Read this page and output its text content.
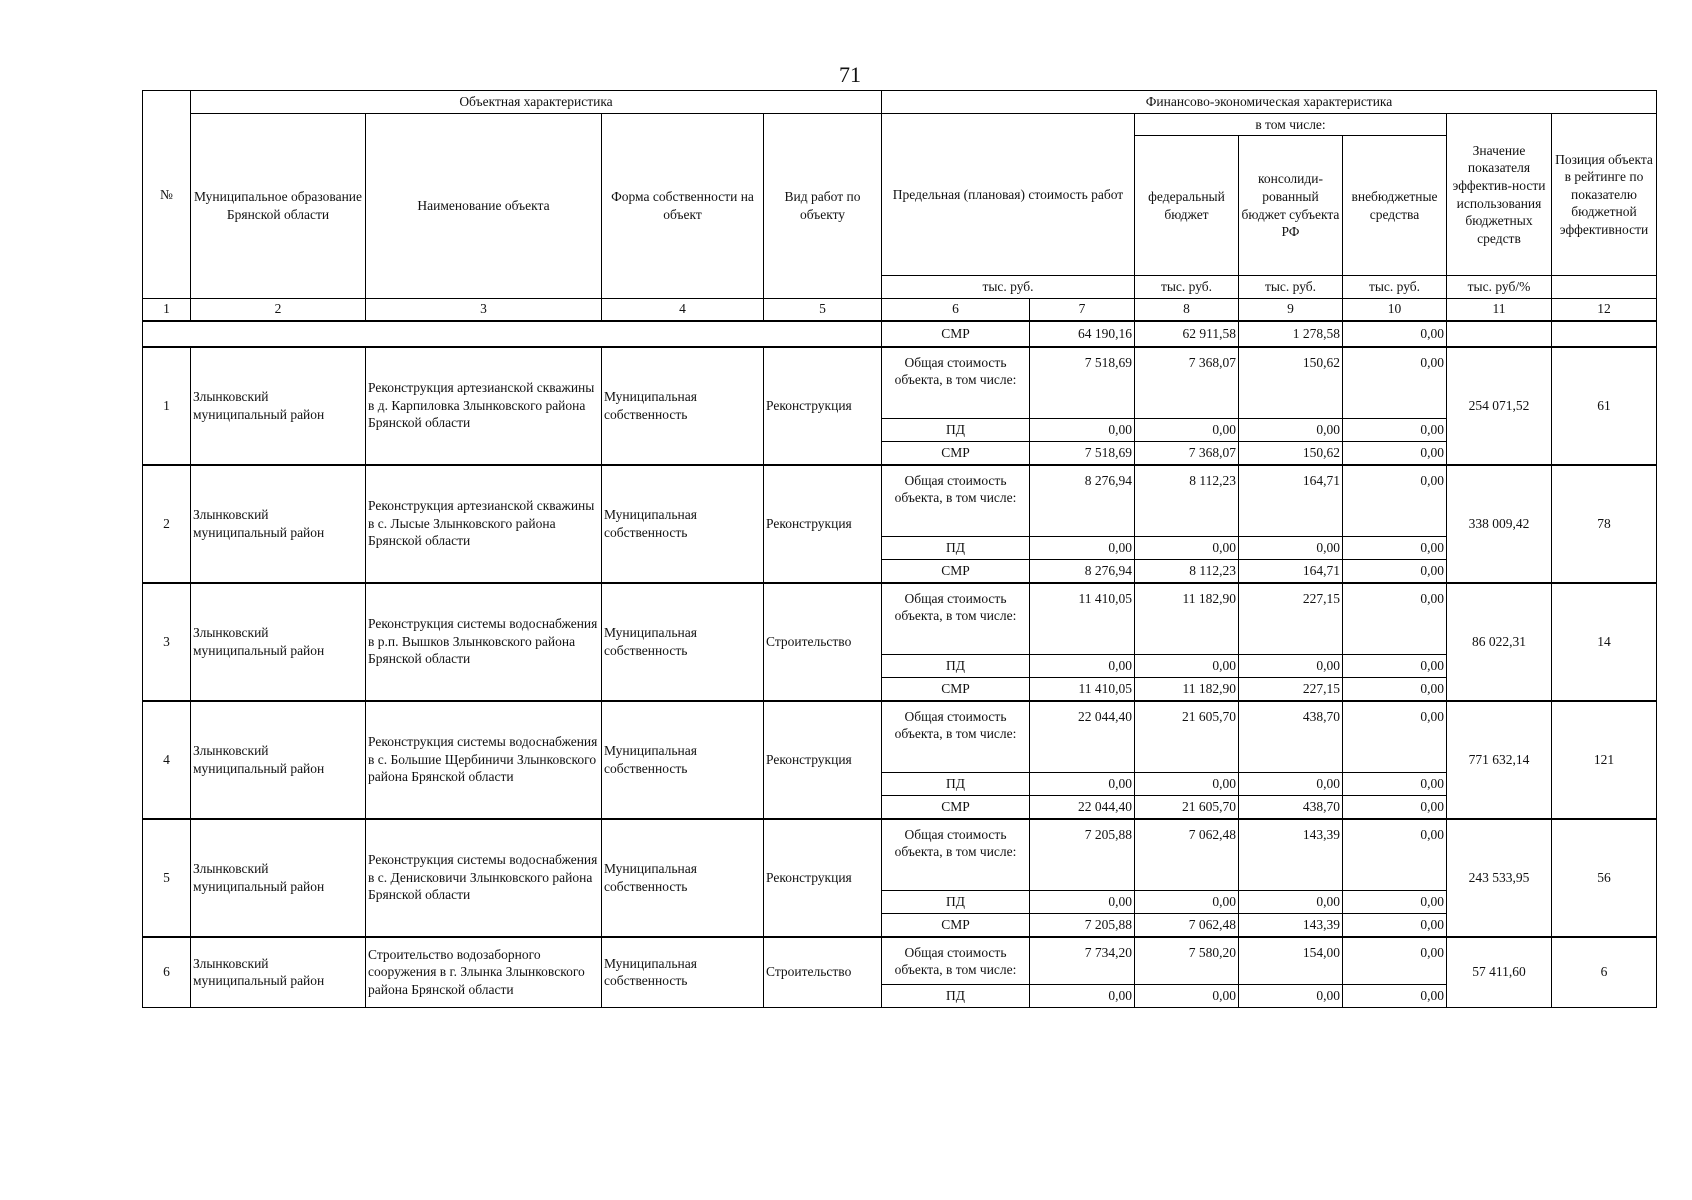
71
№	Объектная характеристика				Финансово-экономическая характеристика						
	Муниципальное образование Брянской области	Наименование объекта	Форма собственности на объект	Вид работ по объекту	Предельная (плановая) стоимость работ		в том числе:			Значение показателя эффектив-ности использования бюджетных средств	Позиция объекта в рейтинге по показателю бюджетной эффективности
							федеральный бюджет	консолиди-рованный бюджет субъекта РФ	внебюджетные средства		
					тыс. руб.		тыс. руб.	тыс. руб.	тыс. руб.	тыс. руб/%	
1	2	3	4	5	6	7	8	9	10	11	12
					СМР	64 190,16	62 911,58	1 278,58	0,00		
1	Злынковский муниципальный район	Реконструкция артезианской скважины в д. Карпиловка Злынковского района Брянской области	Муниципальная собственность	Реконструкция	Общая стоимость объекта, в том числе:	7 518,69	7 368,07	150,62	0,00	254 071,52	61
					ПД	0,00	0,00	0,00	0,00		
					СМР	7 518,69	7 368,07	150,62	0,00		
2	Злынковский муниципальный район	Реконструкция артезианской скважины в с. Лысые Злынковского района Брянской области	Муниципальная собственность	Реконструкция	Общая стоимость объекта, в том числе:	8 276,94	8 112,23	164,71	0,00	338 009,42	78
					ПД	0,00	0,00	0,00	0,00		
					СМР	8 276,94	8 112,23	164,71	0,00		
3	Злынковский муниципальный район	Реконструкция системы водоснабжения в р.п. Вышков Злынковского района Брянской области	Муниципальная собственность	Строительство	Общая стоимость объекта, в том числе:	11 410,05	11 182,90	227,15	0,00	86 022,31	14
					ПД	0,00	0,00	0,00	0,00		
					СМР	11 410,05	11 182,90	227,15	0,00		
4	Злынковский муниципальный район	Реконструкция системы водоснабжения в с. Большие Щербиничи Злынковского района Брянской области	Муниципальная собственность	Реконструкция	Общая стоимость объекта, в том числе:	22 044,40	21 605,70	438,70	0,00	771 632,14	121
					ПД	0,00	0,00	0,00	0,00		
					СМР	22 044,40	21 605,70	438,70	0,00		
5	Злынковский муниципальный район	Реконструкция системы водоснабжения в с. Денисковичи Злынковского района Брянской области	Муниципальная собственность	Реконструкция	Общая стоимость объекта, в том числе:	7 205,88	7 062,48	143,39	0,00	243 533,95	56
					ПД	0,00	0,00	0,00	0,00		
					СМР	7 205,88	7 062,48	143,39	0,00		
6	Злынковский муниципальный район	Строительство водозаборного сооружения в г. Злынка Злынковского района Брянской области	Муниципальная собственность	Строительство	Общая стоимость объекта, в том числе:	7 734,20	7 580,20	154,00	0,00	57 411,60	6
					ПД	0,00	0,00	0,00	0,00		
